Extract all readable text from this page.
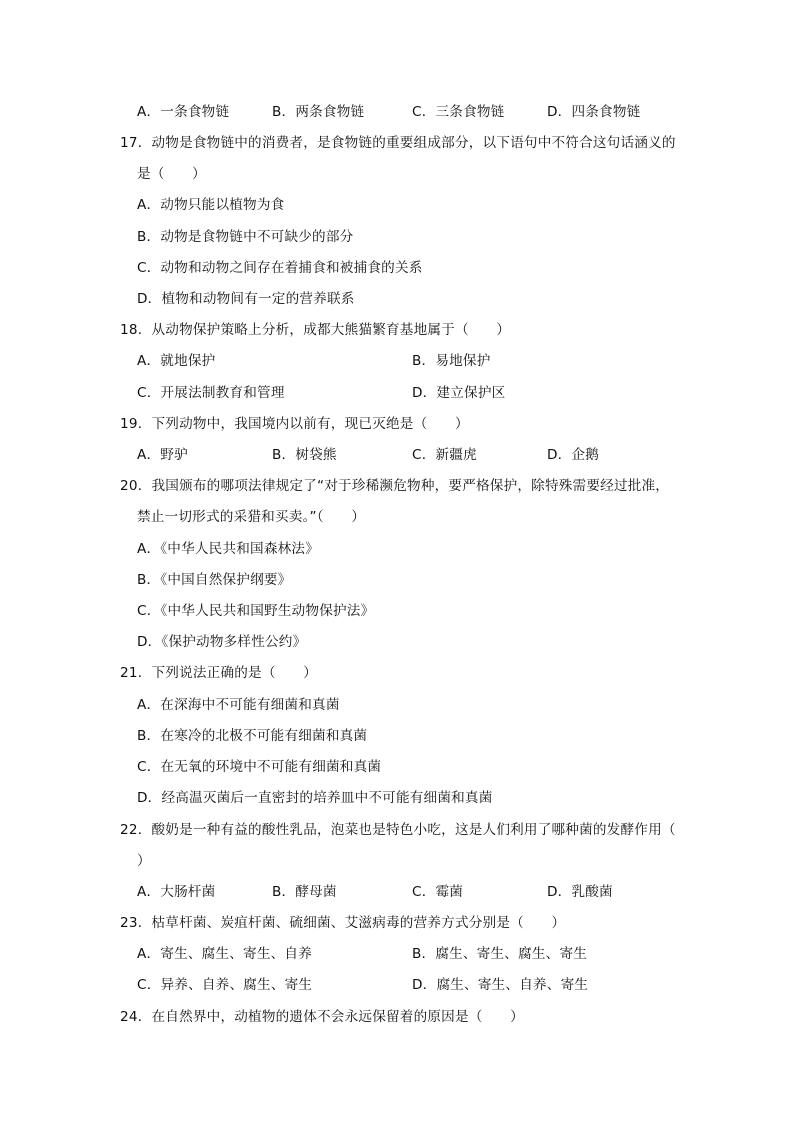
A．一条食物链	B．两条食物链	C．三条食物链	D．四条食物链

17．动物是食物链中的消费者，是食物链的重要组成部分，以下语句中不符合这句话涵义的

是（　　）

A．动物只能以植物为食

B．动物是食物链中不可缺少的部分

C．动物和动物之间存在着捕食和被捕食的关系

D．植物和动物间有一定的营养联系

18．从动物保护策略上分析，成都大熊猫繁育基地属于（　　）

A．就地保护	B．易地保护

C．开展法制教育和管理	D．建立保护区

19．下列动物中，我国境内以前有，现已灭绝是（　　）

A．野驴	B．树袋熊	C．新疆虎	D．企鹅

20．我国颁布的哪项法律规定了“对于珍稀濒危物种，要严格保护，除特殊需要经过批准，

禁止一切形式的采猎和买卖。”（　　）

A．《中华人民共和国森林法》

B．《中国自然保护纲要》

C．《中华人民共和国野生动物保护法》

D．《保护动物多样性公约》

21．下列说法正确的是（　　）

A．在深海中不可能有细菌和真菌

B．在寒冷的北极不可能有细菌和真菌

C．在无氧的环境中不可能有细菌和真菌

D．经高温灭菌后一直密封的培养皿中不可能有细菌和真菌

22．酸奶是一种有益的酸性乳品，泡菜也是特色小吃，这是人们利用了哪种菌的发酵作用（

）

A．大肠杆菌	B．酵母菌	C．霉菌	D．乳酸菌

23．枯草杆菌、炭疽杆菌、硫细菌、艾滋病毒的营养方式分别是（　　）

A．寄生、腐生、寄生、自养	B．腐生、寄生、腐生、寄生

C．异养、自养、腐生、寄生	D．腐生、寄生、自养、寄生

24．在自然界中，动植物的遗体不会永远保留着的原因是（　　）
